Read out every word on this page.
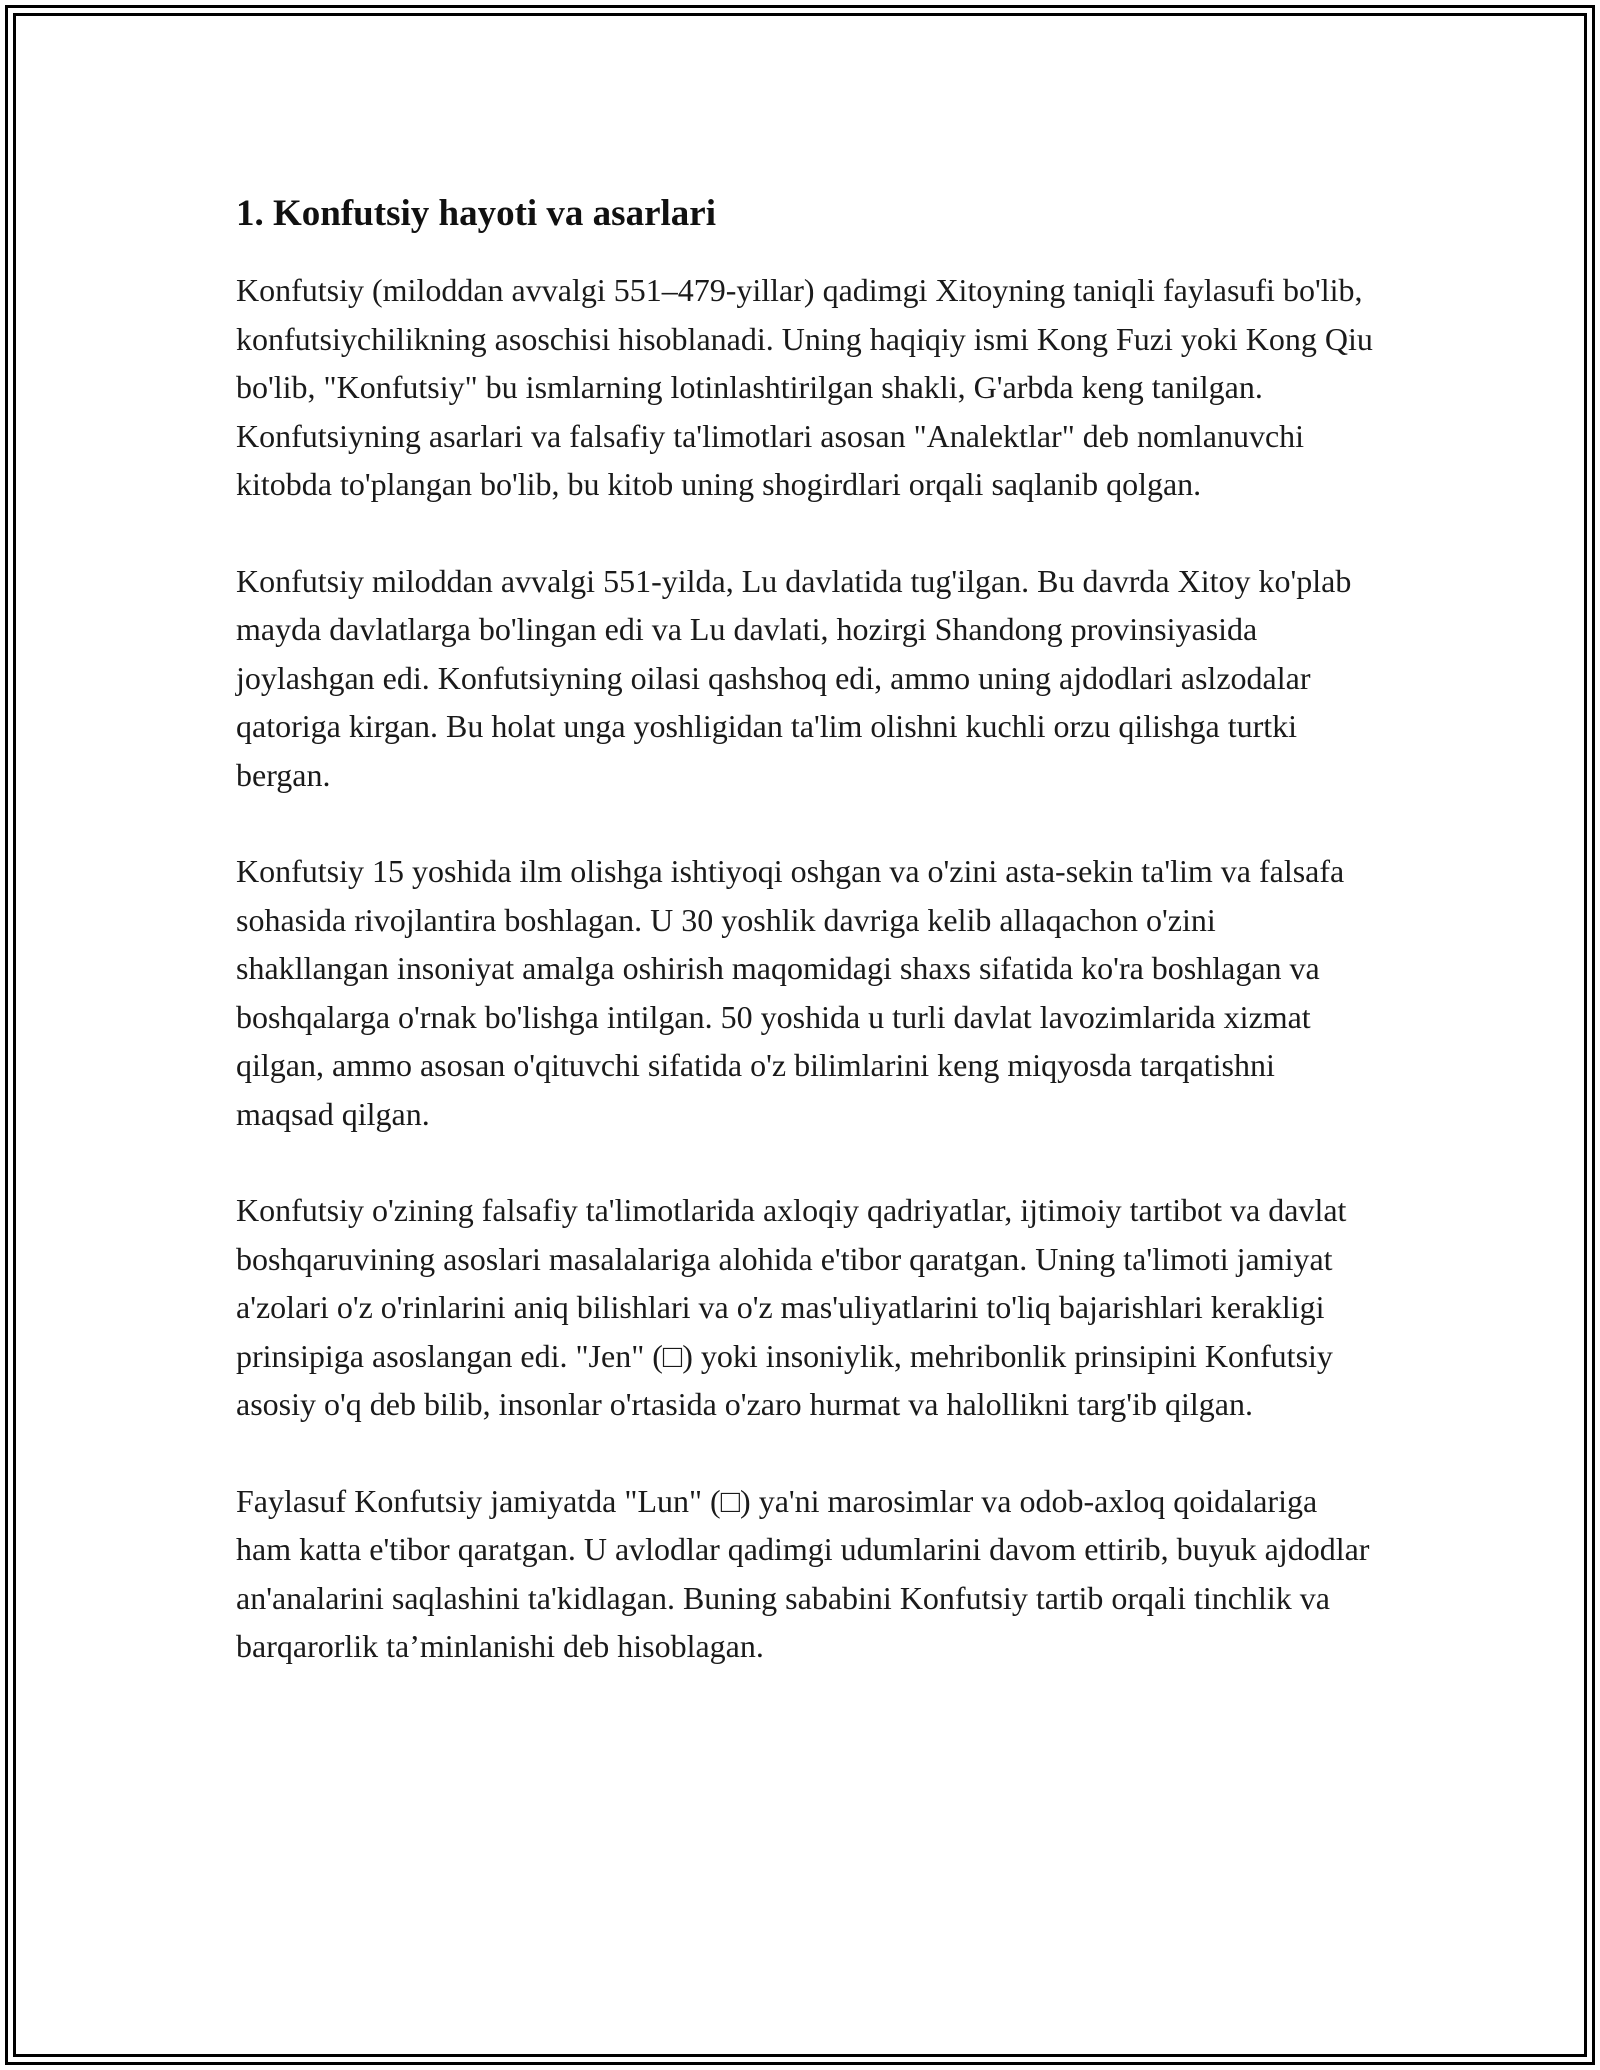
1. Konfutsiy hayoti va asarlari

Konfutsiy (miloddan avvalgi 551–479-yillar) qadimgi Xitoyning taniqli faylasufi bo'lib, konfutsiychilikning asoschisi hisoblanadi. Uning haqiqiy ismi Kong Fuzi yoki Kong Qiu bo'lib, "Konfutsiy" bu ismlarning lotinlashtirilgan shakli, G'arbda keng tanilgan. Konfutsiyning asarlari va falsafiy ta'limotlari asosan "Analektlar" deb nomlanuvchi kitobda to'plangan bo'lib, bu kitob uning shogirdlari orqali saqlanib qolgan.

Konfutsiy miloddan avvalgi 551-yilda, Lu davlatida tug'ilgan. Bu davrda Xitoy ko'plab mayda davlatlarga bo'lingan edi va Lu davlati, hozirgi Shandong provinsiyasida joylashgan edi. Konfutsiyning oilasi qashshoq edi, ammo uning ajdodlari aslzodalar qatoriga kirgan. Bu holat unga yoshligidan ta'lim olishni kuchli orzu qilishga turtki bergan.

Konfutsiy 15 yoshida ilm olishga ishtiyoqi oshgan va o'zini asta-sekin ta'lim va falsafa sohasida rivojlantira boshlagan. U 30 yoshlik davriga kelib allaqachon o'zini shakllangan insoniyat amalga oshirish maqomidagi shaxs sifatida ko'ra boshlagan va boshqalarga o'rnak bo'lishga intilgan. 50 yoshida u turli davlat lavozimlarida xizmat qilgan, ammo asosan o'qituvchi sifatida o'z bilimlarini keng miqyosda tarqatishni maqsad qilgan.

Konfutsiy o'zining falsafiy ta'limotlarida axloqiy qadriyatlar, ijtimoiy tartibot va davlat boshqaruvining asoslari masalalariga alohida e'tibor qaratgan. Uning ta'limoti jamiyat a'zolari o'z o'rinlarini aniq bilishlari va o'z mas'uliyatlarini to'liq bajarishlari kerakligi prinsipiga asoslangan edi. "Jen" (□) yoki insoniylik, mehribonlik prinsipini Konfutsiy asosiy o'q deb bilib, insonlar o'rtasida o'zaro hurmat va halollikni targ'ib qilgan.

Faylasuf Konfutsiy jamiyatda "Lun" (□) ya'ni marosimlar va odob-axloq qoidalariga ham katta e'tibor qaratgan. U avlodlar qadimgi udumlarini davom ettirib, buyuk ajdodlar an'analarini saqlashini ta'kidlagan. Buning sababini Konfutsiy tartib orqali tinchlik va barqarorlik ta’minlanishi deb hisoblagan.
